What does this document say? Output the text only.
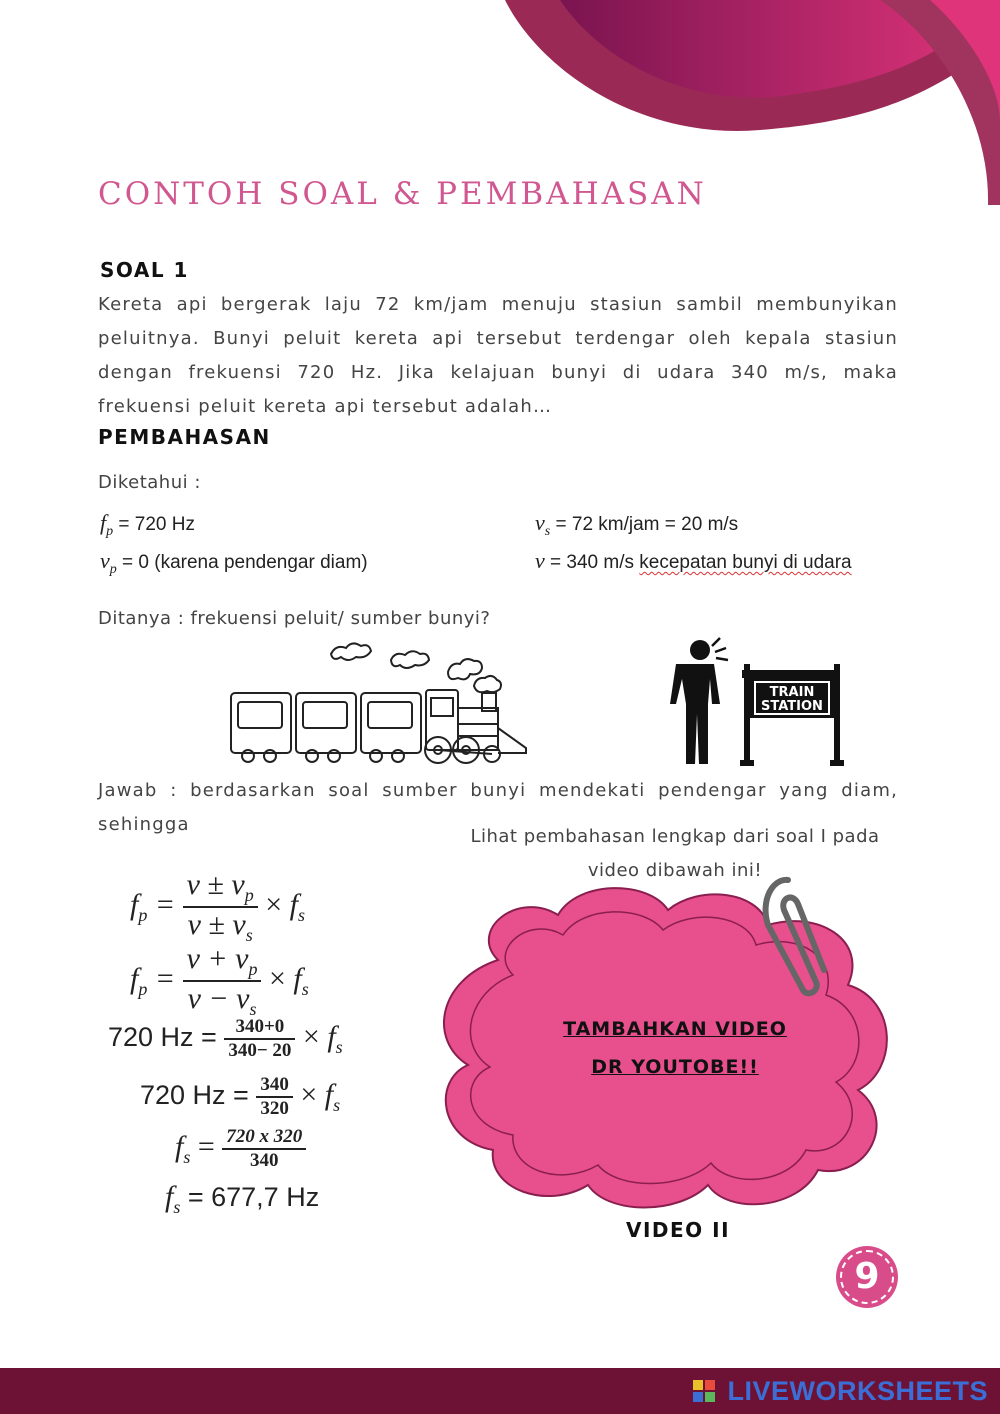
CONTOH SOAL & PEMBAHASAN
SOAL 1

Kereta api bergerak laju 72 km/jam menuju stasiun sambil membunyikan peluitnya. Bunyi peluit kereta api tersebut terdengar oleh kepala stasiun dengan frekuensi 720 Hz. Jika kelajuan bunyi di udara 340 m/s, maka frekuensi peluit kereta api tersebut adalah…

PEMBAHASAN
Diketahui :
$f_p = 720$ Hz
$v_p = 0$ (karena pendengar diam)
$v_s = 72$ km/jam = 20 m/s
v = 340 m/s kecepatan bunyi di udara
Ditanya : frekuensi peluit/ sumber bunyi?
TRAIN
STATION

Jawab : berdasarkan soal sumber bunyi mendekati pendengar yang diam, sehingga

Lihat pembahasan lengkap dari soal I pada video dibawah ini!
$f_p = \frac{v \pm v_p}{v \pm v_s} \times f_s$
$f_p = \frac{v + v_p}{v - v_s} \times f_s$
720 $Hz = \frac{340+0}{340- 20} \times f_s$
720 $Hz = \frac{340}{320} \times f_s$
$f_s = \frac{720 x 320}{340}$
$f_s = 677,7$ Hz
TAMBAHKAN VIDEO
DR YOUTOBE!!
VIDEO II
9
LIVEWORKSHEETS
